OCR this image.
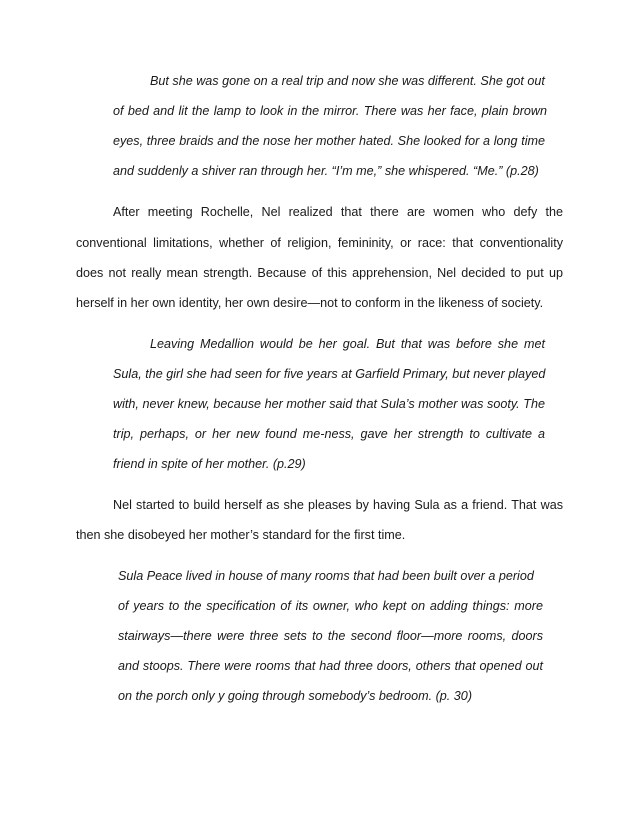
But she was gone on a real trip and now she was different. She got out
of bed and lit the lamp to look in the mirror. There was her face, plain brown
eyes, three braids and the nose her mother hated. She looked for a long time
and suddenly a shiver ran through her. “I’m me,” she whispered. “Me.” (p.28)
After meeting Rochelle, Nel realized that there are women who defy the
conventional limitations, whether of religion, femininity, or race: that conventionality
does not really mean strength. Because of this apprehension, Nel decided to put up
herself in her own identity, her own desire—not to conform in the likeness of society.
Leaving Medallion would be her goal. But that was before she met
Sula, the girl she had seen for five years at Garfield Primary, but never played
with, never knew, because her mother said that Sula’s mother was sooty. The
trip, perhaps, or her new found me-ness, gave her strength to cultivate a
friend in spite of her mother. (p.29)
Nel started to build herself as she pleases by having Sula as a friend. That was
then she disobeyed her mother’s standard for the first time.
Sula Peace lived in house of many rooms that had been built over a period
of years to the specification of its owner, who kept on adding things: more
stairways—there were three sets to the second floor—more rooms, doors
and stoops. There were rooms that had three doors, others that opened out
on the porch only y going through somebody’s bedroom. (p. 30)
